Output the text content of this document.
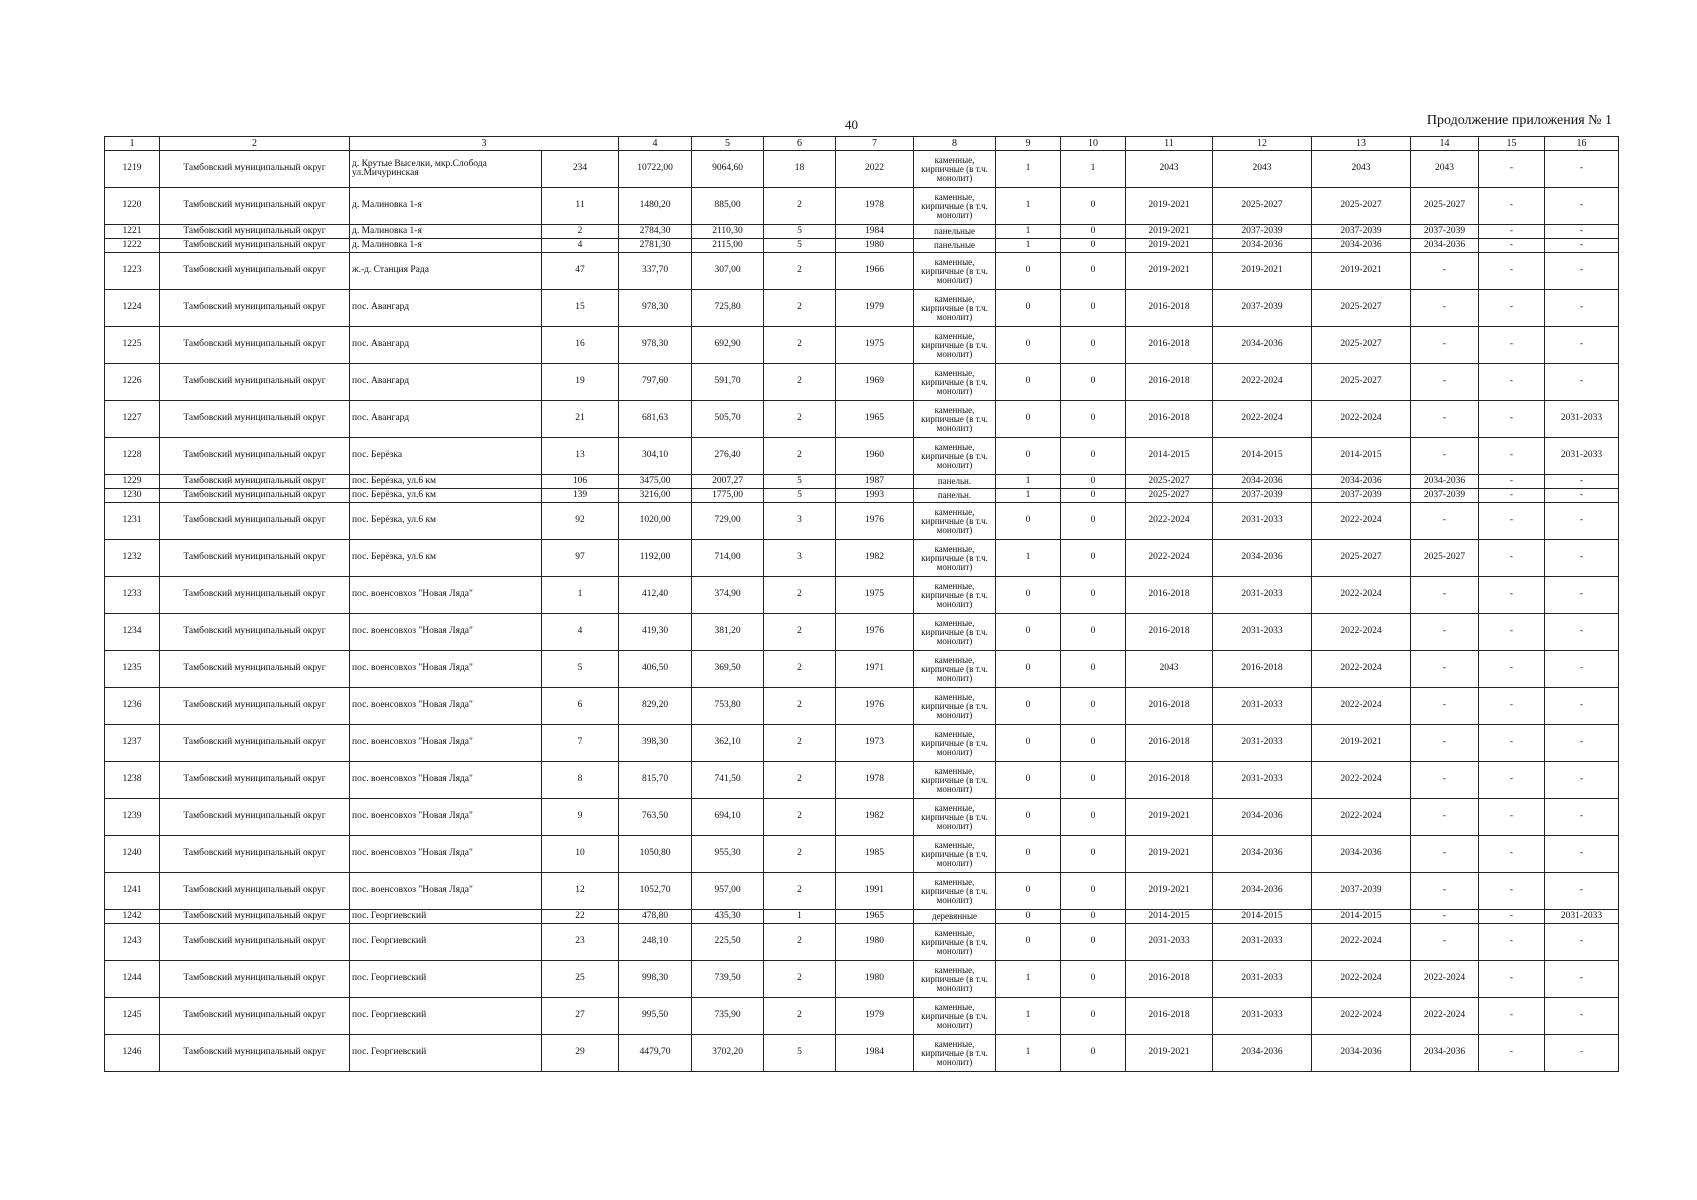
40	Продолжение приложения № 1
1	2	3		4	5	6	7	8	9	10	11	12	13	14	15	16
1219	Тамбовский муниципальный округ	д. Крутые Выселки, мкр.Слобода ул.Мичуринская	234	10722,00	9064,60	18	2022	каменные, кирпичные (в т.ч. монолит)	1	1	2043	2043	2043	2043	-	-
1220	Тамбовский муниципальный округ	д. Малиновка 1-я	11	1480,20	885,00	2	1978	каменные, кирпичные (в т.ч. монолит)	1	0	2019-2021	2025-2027	2025-2027	2025-2027	-	-
1221	Тамбовский муниципальный округ	д. Малиновка 1-я	2	2784,30	2110,30	5	1984	панельные	1	0	2019-2021	2037-2039	2037-2039	2037-2039	-	-
1222	Тамбовский муниципальный округ	д. Малиновка 1-я	4	2781,30	2115,00	5	1980	панельные	1	0	2019-2021	2034-2036	2034-2036	2034-2036	-	-
1223	Тамбовский муниципальный округ	ж.-д. Станция Рада	47	337,70	307,00	2	1966	каменные, кирпичные (в т.ч. монолит)	0	0	2019-2021	2019-2021	2019-2021	-	-	-
1224	Тамбовский муниципальный округ	пос. Авангард	15	978,30	725,80	2	1979	каменные, кирпичные (в т.ч. монолит)	0	0	2016-2018	2037-2039	2025-2027	-	-	-
1225	Тамбовский муниципальный округ	пос. Авангард	16	978,30	692,90	2	1975	каменные, кирпичные (в т.ч. монолит)	0	0	2016-2018	2034-2036	2025-2027	-	-	-
1226	Тамбовский муниципальный округ	пос. Авангард	19	797,60	591,70	2	1969	каменные, кирпичные (в т.ч. монолит)	0	0	2016-2018	2022-2024	2025-2027	-	-	-
1227	Тамбовский муниципальный округ	пос. Авангард	21	681,63	505,70	2	1965	каменные, кирпичные (в т.ч. монолит)	0	0	2016-2018	2022-2024	2022-2024	-	-	2031-2033
1228	Тамбовский муниципальный округ	пос. Берёзка	13	304,10	276,40	2	1960	каменные, кирпичные (в т.ч. монолит)	0	0	2014-2015	2014-2015	2014-2015	-	-	2031-2033
1229	Тамбовский муниципальный округ	пос. Берёзка, ул.6 км	106	3475,00	2007,27	5	1987	панельн.	1	0	2025-2027	2034-2036	2034-2036	2034-2036	-	-
1230	Тамбовский муниципальный округ	пос. Берёзка, ул.6 км	139	3216,00	1775,00	5	1993	панельн.	1	0	2025-2027	2037-2039	2037-2039	2037-2039	-	-
1231	Тамбовский муниципальный округ	пос. Берёзка, ул.6 км	92	1020,00	729,00	3	1976	каменные, кирпичные (в т.ч. монолит)	0	0	2022-2024	2031-2033	2022-2024	-	-	-
1232	Тамбовский муниципальный округ	пос. Берёзка, ул.6 км	97	1192,00	714,00	3	1982	каменные, кирпичные (в т.ч. монолит)	1	0	2022-2024	2034-2036	2025-2027	2025-2027	-	-
1233	Тамбовский муниципальный округ	пос. военсовхоз "Новая Ляда"	1	412,40	374,90	2	1975	каменные, кирпичные (в т.ч. монолит)	0	0	2016-2018	2031-2033	2022-2024	-	-	-
1234	Тамбовский муниципальный округ	пос. военсовхоз "Новая Ляда"	4	419,30	381,20	2	1976	каменные, кирпичные (в т.ч. монолит)	0	0	2016-2018	2031-2033	2022-2024	-	-	-
1235	Тамбовский муниципальный округ	пос. военсовхоз "Новая Ляда"	5	406,50	369,50	2	1971	каменные, кирпичные (в т.ч. монолит)	0	0	2043	2016-2018	2022-2024	-	-	-
1236	Тамбовский муниципальный округ	пос. военсовхоз "Новая Ляда"	6	829,20	753,80	2	1976	каменные, кирпичные (в т.ч. монолит)	0	0	2016-2018	2031-2033	2022-2024	-	-	-
1237	Тамбовский муниципальный округ	пос. военсовхоз "Новая Ляда"	7	398,30	362,10	2	1973	каменные, кирпичные (в т.ч. монолит)	0	0	2016-2018	2031-2033	2019-2021	-	-	-
1238	Тамбовский муниципальный округ	пос. военсовхоз "Новая Ляда"	8	815,70	741,50	2	1978	каменные, кирпичные (в т.ч. монолит)	0	0	2016-2018	2031-2033	2022-2024	-	-	-
1239	Тамбовский муниципальный округ	пос. военсовхоз "Новая Ляда"	9	763,50	694,10	2	1982	каменные, кирпичные (в т.ч. монолит)	0	0	2019-2021	2034-2036	2022-2024	-	-	-
1240	Тамбовский муниципальный округ	пос. военсовхоз "Новая Ляда"	10	1050,80	955,30	2	1985	каменные, кирпичные (в т.ч. монолит)	0	0	2019-2021	2034-2036	2034-2036	-	-	-
1241	Тамбовский муниципальный округ	пос. военсовхоз "Новая Ляда"	12	1052,70	957,00	2	1991	каменные, кирпичные (в т.ч. монолит)	0	0	2019-2021	2034-2036	2037-2039	-	-	-
1242	Тамбовский муниципальный округ	пос. Георгиевский	22	478,80	435,30	1	1965	деревянные	0	0	2014-2015	2014-2015	2014-2015	-	-	2031-2033
1243	Тамбовский муниципальный округ	пос. Георгиевский	23	248,10	225,50	2	1980	каменные, кирпичные (в т.ч. монолит)	0	0	2031-2033	2031-2033	2022-2024	-	-	-
1244	Тамбовский муниципальный округ	пос. Георгиевский	25	998,30	739,50	2	1980	каменные, кирпичные (в т.ч. монолит)	1	0	2016-2018	2031-2033	2022-2024	2022-2024	-	-
1245	Тамбовский муниципальный округ	пос. Георгиевский	27	995,50	735,90	2	1979	каменные, кирпичные (в т.ч. монолит)	1	0	2016-2018	2031-2033	2022-2024	2022-2024	-	-
1246	Тамбовский муниципальный округ	пос. Георгиевский	29	4479,70	3702,20	5	1984	каменные, кирпичные (в т.ч. монолит)	1	0	2019-2021	2034-2036	2034-2036	2034-2036	-	-
